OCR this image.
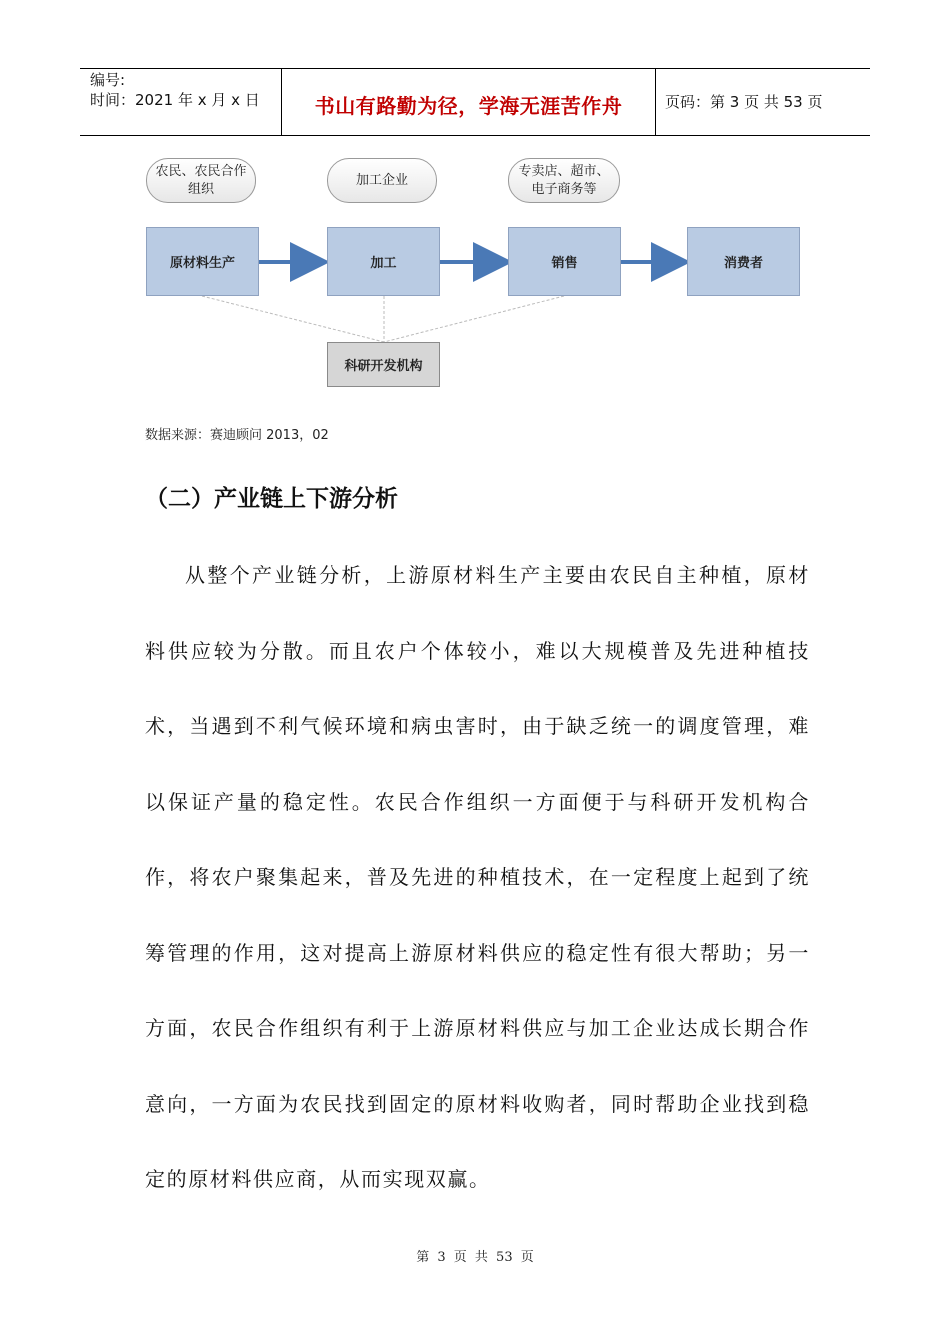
编号:
时间：2021 年 x 月 x 日	书山有路勤为径，学海无涯苦作舟	页码：第 3 页 共 53 页
农民、农民合作
组织
加工企业
专卖店、超市、
电子商务等
原材料生产	加工	销售	消费者
科研开发机构
数据来源：赛迪顾问 2013，02
（二）产业链上下游分析
从整个产业链分析，上游原材料生产主要由农民自主种植，原材料供应较为分散。而且农户个体较小，难以大规模普及先进种植技术，当遇到不利气候环境和病虫害时，由于缺乏统一的调度管理，难以保证产量的稳定性。农民合作组织一方面便于与科研开发机构合作，将农户聚集起来，普及先进的种植技术，在一定程度上起到了统筹管理的作用，这对提高上游原材料供应的稳定性有很大帮助；另一方面，农民合作组织有利于上游原材料供应与加工企业达成长期合作意向，一方面为农民找到固定的原材料收购者，同时帮助企业找到稳定的原材料供应商，从而实现双赢。
第 3 页 共 53 页
